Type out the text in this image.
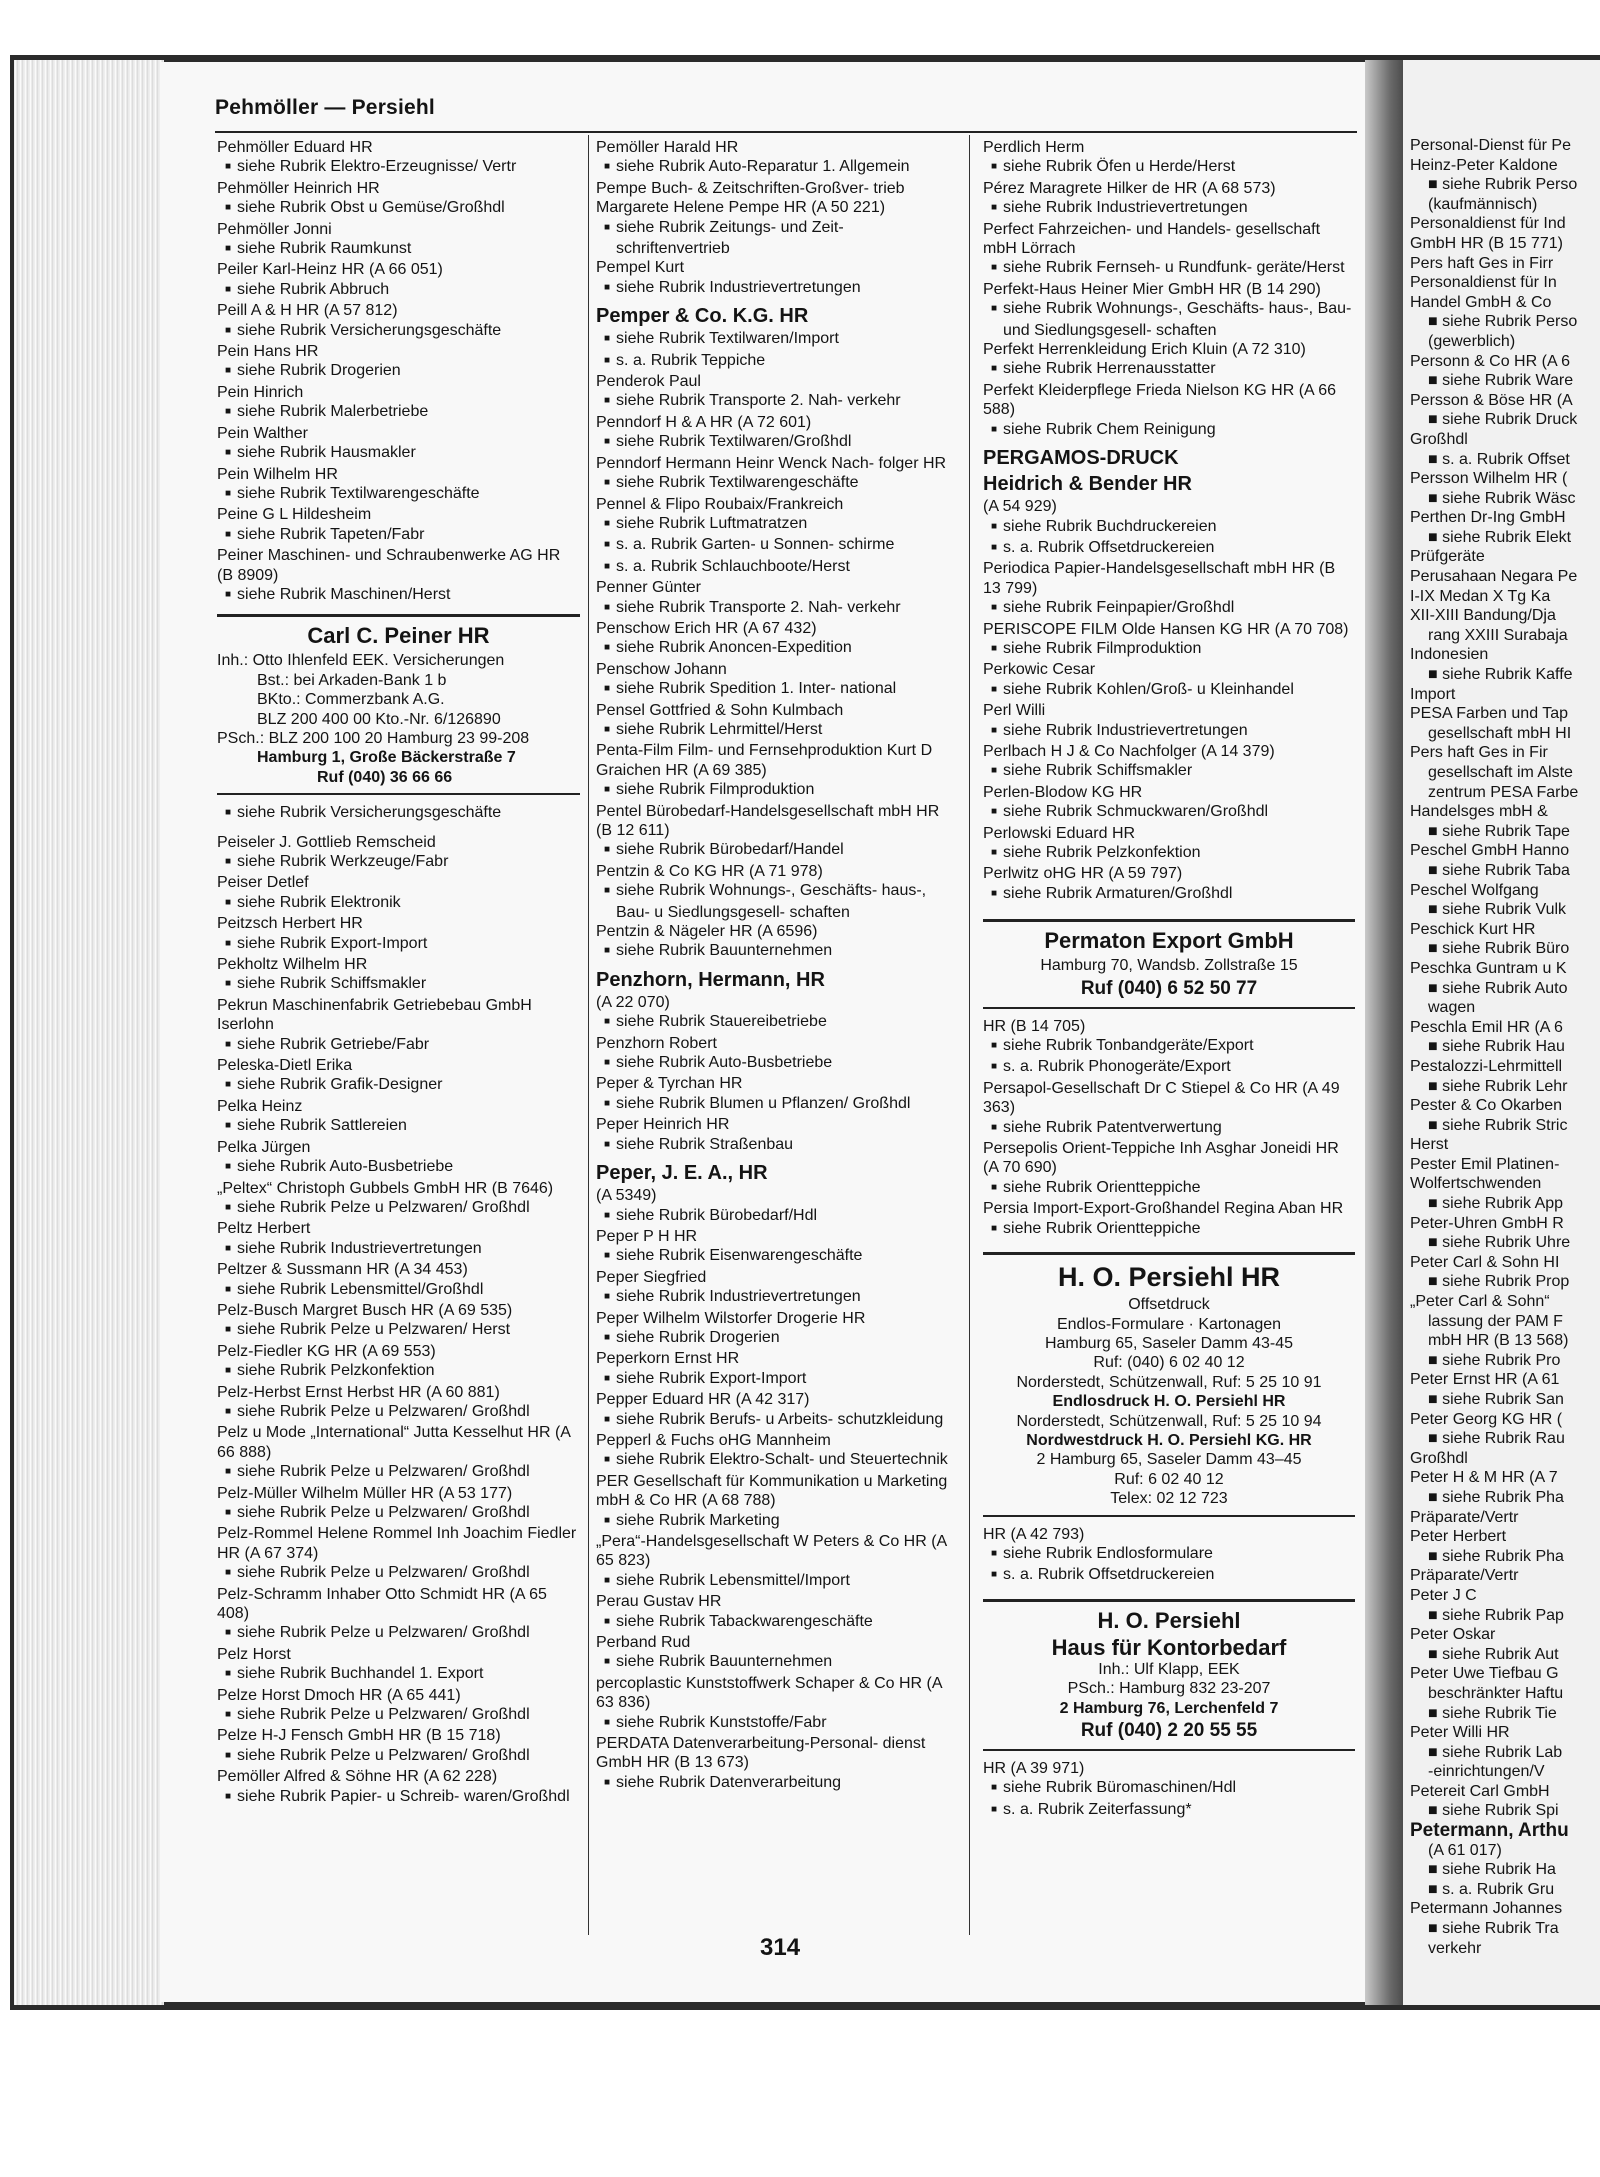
Pehmöller — Persiehl
Pehmöller Eduard HR
■ siehe Rubrik Elektro-Erzeugnisse/ Vertr
Pehmöller Heinrich HR
■ siehe Rubrik Obst u Gemüse/Großhdl
Pehmöller Jonni
■ siehe Rubrik Raumkunst
Peiler Karl-Heinz HR (A 66 051)
■ siehe Rubrik Abbruch
Peill A & H HR (A 57 812)
■ siehe Rubrik Versicherungsgeschäfte
Pein Hans HR
■ siehe Rubrik Drogerien
Pein Hinrich
■ siehe Rubrik Malerbetriebe
Pein Walther
■ siehe Rubrik Hausmakler
Pein Wilhelm HR
■ siehe Rubrik Textilwarengeschäfte
Peine G L Hildesheim
■ siehe Rubrik Tapeten/Fabr
Peiner Maschinen- und Schraubenwerke AG HR (B 8909)
■ siehe Rubrik Maschinen/Herst
Carl C. Peiner HR
Inh.: Otto Ihlenfeld EEK. Versicherungen
Bst.: bei Arkaden-Bank 1 b
BKto.: Commerzbank A.G.
BLZ 200 400 00 Kto.-Nr. 6/126890
PSch.: BLZ 200 100 20 Hamburg 23 99-208
Hamburg 1, Große Bäckerstraße 7
Ruf (040) 36 66 66
■ siehe Rubrik Versicherungsgeschäfte
Peiseler J. Gottlieb Remscheid
■ siehe Rubrik Werkzeuge/Fabr
Peiser Detlef
■ siehe Rubrik Elektronik
Peitzsch Herbert HR
■ siehe Rubrik Export-Import
Pekholtz Wilhelm HR
■ siehe Rubrik Schiffsmakler
Pekrun Maschinenfabrik Getriebebau GmbH Iserlohn
■ siehe Rubrik Getriebe/Fabr
Peleska-Dietl Erika
■ siehe Rubrik Grafik-Designer
Pelka Heinz
■ siehe Rubrik Sattlereien
Pelka Jürgen
■ siehe Rubrik Auto-Busbetriebe
„Peltex“ Christoph Gubbels GmbH HR (B 7646)
■ siehe Rubrik Pelze u Pelzwaren/ Großhdl
Peltz Herbert
■ siehe Rubrik Industrievertretungen
Peltzer & Sussmann HR (A 34 453)
■ siehe Rubrik Lebensmittel/Großhdl
Pelz-Busch Margret Busch HR (A 69 535)
■ siehe Rubrik Pelze u Pelzwaren/ Herst
Pelz-Fiedler KG HR (A 69 553)
■ siehe Rubrik Pelzkonfektion
Pelz-Herbst Ernst Herbst HR (A 60 881)
■ siehe Rubrik Pelze u Pelzwaren/ Großhdl
Pelz u Mode „International“ Jutta Kesselhut HR (A 66 888)
■ siehe Rubrik Pelze u Pelzwaren/ Großhdl
Pelz-Müller Wilhelm Müller HR (A 53 177)
■ siehe Rubrik Pelze u Pelzwaren/ Großhdl
Pelz-Rommel Helene Rommel Inh Joachim Fiedler HR (A 67 374)
■ siehe Rubrik Pelze u Pelzwaren/ Großhdl
Pelz-Schramm Inhaber Otto Schmidt HR (A 65 408)
■ siehe Rubrik Pelze u Pelzwaren/ Großhdl
Pelz Horst
■ siehe Rubrik Buchhandel 1. Export
Pelze Horst Dmoch HR (A 65 441)
■ siehe Rubrik Pelze u Pelzwaren/ Großhdl
Pelze H-J Fensch GmbH HR (B 15 718)
■ siehe Rubrik Pelze u Pelzwaren/ Großhdl
Pemöller Alfred & Söhne HR (A 62 228)
■ siehe Rubrik Papier- u Schreib- waren/Großhdl
Pemöller Harald HR
■ siehe Rubrik Auto-Reparatur 1. Allgemein
Pempe Buch- & Zeitschriften-Großver- trieb Margarete Helene Pempe HR (A 50 221)
■ siehe Rubrik Zeitungs- und Zeit- schriftenvertrieb
Pempel Kurt
■ siehe Rubrik Industrievertretungen
Pemper & Co. K.G. HR
■ siehe Rubrik Textilwaren/Import
■ s. a. Rubrik Teppiche
Penderok Paul
■ siehe Rubrik Transporte 2. Nah- verkehr
Penndorf H & A HR (A 72 601)
■ siehe Rubrik Textilwaren/Großhdl
Penndorf Hermann Heinr Wenck Nach- folger HR
■ siehe Rubrik Textilwarengeschäfte
Pennel & Flipo Roubaix/Frankreich
■ siehe Rubrik Luftmatratzen
■ s. a. Rubrik Garten- u Sonnen- schirme
■ s. a. Rubrik Schlauchboote/Herst
Penner Günter
■ siehe Rubrik Transporte 2. Nah- verkehr
Penschow Erich HR (A 67 432)
■ siehe Rubrik Anoncen-Expedition
Penschow Johann
■ siehe Rubrik Spedition 1. Inter- national
Pensel Gottfried & Sohn Kulmbach
■ siehe Rubrik Lehrmittel/Herst
Penta-Film Film- und Fernsehproduktion Kurt D Graichen HR (A 69 385)
■ siehe Rubrik Filmproduktion
Pentel Bürobedarf-Handelsgesellschaft mbH HR (B 12 611)
■ siehe Rubrik Bürobedarf/Handel
Pentzin & Co KG HR (A 71 978)
■ siehe Rubrik Wohnungs-, Geschäfts- haus-, Bau- u Siedlungsgesell- schaften
Pentzin & Nägeler HR (A 6596)
■ siehe Rubrik Bauunternehmen
Penzhorn, Hermann, HR
(A 22 070)
■ siehe Rubrik Stauereibetriebe
Penzhorn Robert
■ siehe Rubrik Auto-Busbetriebe
Peper & Tyrchan HR
■ siehe Rubrik Blumen u Pflanzen/ Großhdl
Peper Heinrich HR
■ siehe Rubrik Straßenbau
Peper, J. E. A., HR
(A 5349)
■ siehe Rubrik Bürobedarf/Hdl
Peper P H HR
■ siehe Rubrik Eisenwarengeschäfte
Peper Siegfried
■ siehe Rubrik Industrievertretungen
Peper Wilhelm Wilstorfer Drogerie HR
■ siehe Rubrik Drogerien
Peperkorn Ernst HR
■ siehe Rubrik Export-Import
Pepper Eduard HR (A 42 317)
■ siehe Rubrik Berufs- u Arbeits- schutzkleidung
Pepperl & Fuchs oHG Mannheim
■ siehe Rubrik Elektro-Schalt- und Steuertechnik
PER Gesellschaft für Kommunikation u Marketing mbH & Co HR (A 68 788)
■ siehe Rubrik Marketing
„Pera“-Handelsgesellschaft W Peters & Co HR (A 65 823)
■ siehe Rubrik Lebensmittel/Import
Perau Gustav HR
■ siehe Rubrik Tabackwarengeschäfte
Perband Rud
■ siehe Rubrik Bauunternehmen
percoplastic Kunststoffwerk Schaper & Co HR (A 63 836)
■ siehe Rubrik Kunststoffe/Fabr
PERDATA Datenverarbeitung-Personal- dienst GmbH HR (B 13 673)
■ siehe Rubrik Datenverarbeitung
Perdlich Herm
■ siehe Rubrik Öfen u Herde/Herst
Pérez Maragrete Hilker de HR (A 68 573)
■ siehe Rubrik Industrievertretungen
Perfect Fahrzeichen- und Handels- gesellschaft mbH Lörrach
■ siehe Rubrik Fernseh- u Rundfunk- geräte/Herst
Perfekt-Haus Heiner Mier GmbH HR (B 14 290)
■ siehe Rubrik Wohnungs-, Geschäfts- haus-, Bau- und Siedlungsgesell- schaften
Perfekt Herrenkleidung Erich Kluin (A 72 310)
■ siehe Rubrik Herrenausstatter
Perfekt Kleiderpflege Frieda Nielson KG HR (A 66 588)
■ siehe Rubrik Chem Reinigung
PERGAMOS-DRUCK
Heidrich & Bender HR
(A 54 929)
■ siehe Rubrik Buchdruckereien
■ s. a. Rubrik Offsetdruckereien
Periodica Papier-Handelsgesellschaft mbH HR (B 13 799)
■ siehe Rubrik Feinpapier/Großhdl
PERISCOPE FILM Olde Hansen KG HR (A 70 708)
■ siehe Rubrik Filmproduktion
Perkowic Cesar
■ siehe Rubrik Kohlen/Groß- u Kleinhandel
Perl Willi
■ siehe Rubrik Industrievertretungen
Perlbach H J & Co Nachfolger (A 14 379)
■ siehe Rubrik Schiffsmakler
Perlen-Blodow KG HR
■ siehe Rubrik Schmuckwaren/Großhdl
Perlowski Eduard HR
■ siehe Rubrik Pelzkonfektion
Perlwitz oHG HR (A 59 797)
■ siehe Rubrik Armaturen/Großhdl
Permaton Export GmbH
Hamburg 70, Wandsb. Zollstraße 15
Ruf (040) 6 52 50 77
HR (B 14 705)
■ siehe Rubrik Tonbandgeräte/Export
■ s. a. Rubrik Phonogeräte/Export
Persapol-Gesellschaft Dr C Stiepel & Co HR (A 49 363)
■ siehe Rubrik Patentverwertung
Persepolis Orient-Teppiche Inh Asghar Joneidi HR (A 70 690)
■ siehe Rubrik Orientteppiche
Persia Import-Export-Großhandel Regina Aban HR
■ siehe Rubrik Orientteppiche
H. O. Persiehl HR
Offsetdruck
Endlos-Formulare · Kartonagen
Hamburg 65, Saseler Damm 43-45
Ruf: (040) 6 02 40 12
Norderstedt, Schützenwall, Ruf: 5 25 10 91
Endlosdruck H. O. Persiehl HR
Norderstedt, Schützenwall, Ruf: 5 25 10 94
Nordwestdruck H. O. Persiehl KG. HR
2 Hamburg 65, Saseler Damm 43–45
Ruf: 6 02 40 12
Telex: 02 12 723
HR (A 42 793)
■ siehe Rubrik Endlosformulare
■ s. a. Rubrik Offsetdruckereien
H. O. Persiehl
Haus für Kontorbedarf
Inh.: Ulf Klapp, EEK
PSch.: Hamburg 832 23-207
2 Hamburg 76, Lerchenfeld 7
Ruf (040) 2 20 55 55
HR (A 39 971)
■ siehe Rubrik Büromaschinen/Hdl
■ s. a. Rubrik Zeiterfassung*
Personal-Dienst für Pe
Heinz-Peter Kaldone
■ siehe Rubrik Perso
(kaufmännisch)
Personaldienst für Ind
GmbH HR (B 15 771)
Pers haft Ges in Firr
Personaldienst für In
Handel GmbH & Co
■ siehe Rubrik Perso
(gewerblich)
Personn & Co HR (A 6
■ siehe Rubrik Ware
Persson & Böse HR (A
■ siehe Rubrik Druck
Großhdl
■ s. a. Rubrik Offset
Persson Wilhelm HR (
■ siehe Rubrik Wäsc
Perthen Dr-Ing GmbH
■ siehe Rubrik Elekt
Prüfgeräte
Perusahaan Negara Pe
I-IX Medan X Tg Ka
XII-XIII Bandung/Dja
rang XXIII Surabaja
Indonesien
■ siehe Rubrik Kaffe
Import
PESA Farben und Tap
gesellschaft mbH HI
Pers haft Ges in Fir
gesellschaft im Alste
zentrum PESA Farbe
Handelsges mbH &
■ siehe Rubrik Tape
Peschel GmbH Hanno
■ siehe Rubrik Taba
Peschel Wolfgang
■ siehe Rubrik Vulk
Peschick Kurt HR
■ siehe Rubrik Büro
Peschka Guntram u K
■ siehe Rubrik Auto
wagen
Peschla Emil HR (A 6
■ siehe Rubrik Hau
Pestalozzi-Lehrmittell
■ siehe Rubrik Lehr
Pester & Co Okarben
■ siehe Rubrik Stric
Herst
Pester Emil Platinen-
Wolfertschwenden
■ siehe Rubrik App
Peter-Uhren GmbH R
■ siehe Rubrik Uhre
Peter Carl & Sohn HI
■ siehe Rubrik Prop
„Peter Carl & Sohn“
lassung der PAM F
mbH HR (B 13 568)
■ siehe Rubrik Pro
Peter Ernst HR (A 61
■ siehe Rubrik San
Peter Georg KG HR (
■ siehe Rubrik Rau
Großhdl
Peter H & M HR (A 7
■ siehe Rubrik Pha
Präparate/Vertr
Peter Herbert
■ siehe Rubrik Pha
Präparate/Vertr
Peter J C
■ siehe Rubrik Pap
Peter Oskar
■ siehe Rubrik Aut
Peter Uwe Tiefbau G
beschränkter Haftu
■ siehe Rubrik Tie
Peter Willi HR
■ siehe Rubrik Lab
-einrichtungen/V
Petereit Carl GmbH
■ siehe Rubrik Spi
Petermann, Arthu
(A 61 017)
■ siehe Rubrik Ha
■ s. a. Rubrik Gru
Petermann Johannes
■ siehe Rubrik Tra
verkehr
314
